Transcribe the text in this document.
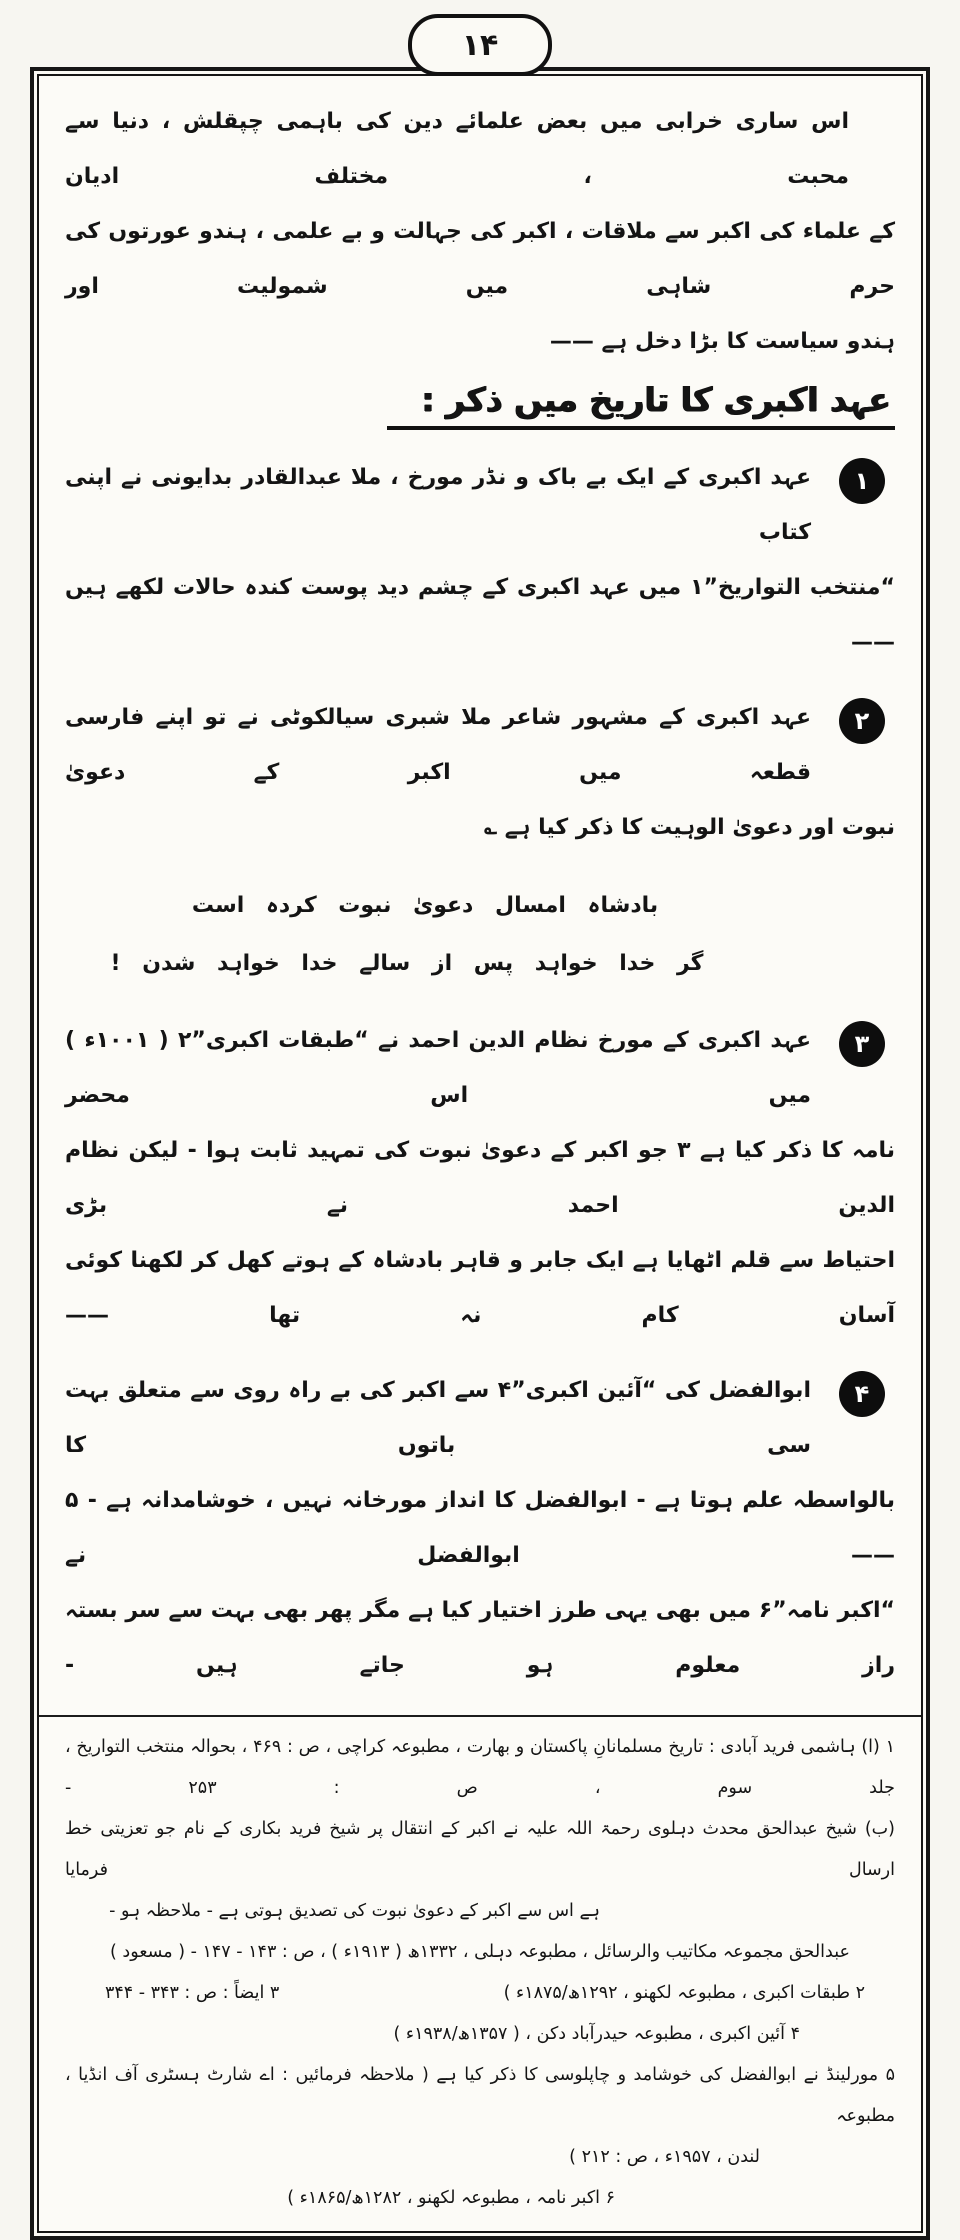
۱۴
اس ساری خرابی میں بعض علمائے دین کی باہمی چپقلش ، دنیا سے محبت ، مختلف ادیان
کے علماء کی اکبر سے ملاقات ، اکبر کی جہالت و بے علمی ، ہندو عورتوں کی حرم شاہی میں شمولیت اور
ہندو سیاست کا بڑا دخل ہے ——
عہد اکبری کا تاریخ میں ذکر :
۱
عہد اکبری کے ایک بے باک و نڈر مورخ ، ملا عبدالقادر بدایونی نے اپنی کتاب
“منتخب التواریخ”۱ میں عہد اکبری کے چشم دید پوست کندہ حالات لکھے ہیں ——
۲
عہد اکبری کے مشہور شاعر ملا شبری سیالکوٹی نے تو اپنے فارسی قطعہ میں اکبر کے دعویٰ
نبوت اور دعویٰ الوہیت کا ذکر کیا ہے ؎
بادشاہ امسال دعویٰ نبوت کردہ است
گر خدا خواہد پس از سالے خدا خواہد شدن !
۳
عہد اکبری کے مورخ نظام الدین احمد نے “طبقات اکبری”۲ ( ۱۰۰۱ء ) میں اس محضر
نامہ کا ذکر کیا ہے ۳ جو اکبر کے دعویٰ نبوت کی تمہید ثابت ہوا - لیکن نظام الدین احمد نے بڑی
احتیاط سے قلم اٹھایا ہے ایک جابر و قاہر بادشاہ کے ہوتے کھل کر لکھنا کوئی آسان کام نہ تھا ——
۴
ابوالفضل کی “آئین اکبری”۴ سے اکبر کی بے راہ روی سے متعلق بہت سی باتوں کا
بالواسطہ علم ہوتا ہے - ابوالفضل کا انداز مورخانہ نہیں ، خوشامدانہ ہے - ۵ —— ابوالفضل نے
“اکبر نامہ”۶ میں بھی یہی طرز اختیار کیا ہے مگر پھر بھی بہت سے سر بستہ راز معلوم ہو جاتے ہیں -
۱ (ا) ہاشمی فرید آبادی : تاریخ مسلمانانِ پاکستان و بھارت ، مطبوعہ کراچی ، ص : ۴۶۹ ، بحوالہ منتخب التواریخ ، جلد سوم ، ص : ۲۵۳ -
(ب) شیخ عبدالحق محدث دہلوی رحمۃ اللہ علیہ نے اکبر کے انتقال پر شیخ فرید بکاری کے نام جو تعزیتی خط ارسال فرمایا
ہے اس سے اکبر کے دعویٰ نبوت کی تصدیق ہوتی ہے - ملاحظہ ہو -
عبدالحق مجموعہ مکاتیب والرسائل ، مطبوعہ دہلی ، ۱۳۳۲ھ ( ۱۹۱۳ء ) ، ص : ۱۴۳ - ۱۴۷ - ( مسعود )
۲ طبقات اکبری ، مطبوعہ لکھنو ، ۱۲۹۲ھ/۱۸۷۵ء )
۳ ایضاً : ص : ۳۴۳ - ۳۴۴
۴ آئین اکبری ، مطبوعہ حیدرآباد دکن ، ( ۱۳۵۷ھ/۱۹۳۸ء )
۵ مورلینڈ نے ابوالفضل کی خوشامد و چاپلوسی کا ذکر کیا ہے ( ملاحظہ فرمائیں : اے شارٹ ہسٹری آف انڈیا ، مطبوعہ
لندن ، ۱۹۵۷ء ، ص : ۲۱۲ )
۶ اکبر نامہ ، مطبوعہ لکھنو ، ۱۲۸۲ھ/۱۸۶۵ء )
